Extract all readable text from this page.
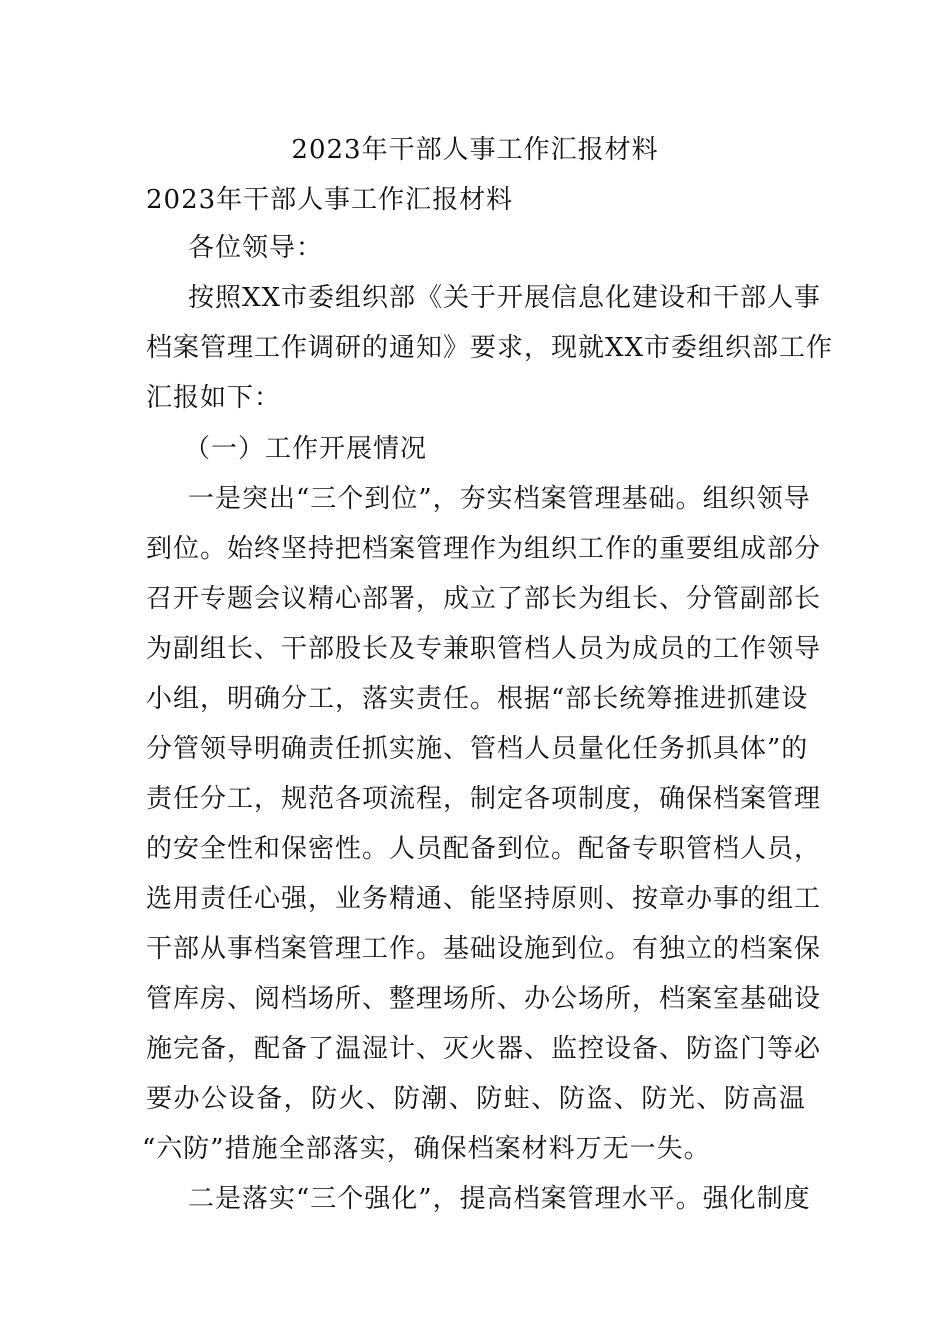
2023年干部人事工作汇报材料
2023年干部人事工作汇报材料
各位领导：
按照XX市委组织部《关于开展信息化建设和干部人事
档案管理工作调研的通知》要求，现就XX市委组织部工作
汇报如下：
（一）工作开展情况
一是突出“三个到位”，夯实档案管理基础。组织领导
到位。始终坚持把档案管理作为组织工作的重要组成部分
召开专题会议精心部署，成立了部长为组长、分管副部长
为副组长、干部股长及专兼职管档人员为成员的工作领导
小组，明确分工，落实责任。根据“部长统筹推进抓建设
分管领导明确责任抓实施、管档人员量化任务抓具体”的
责任分工，规范各项流程，制定各项制度，确保档案管理
的安全性和保密性。人员配备到位。配备专职管档人员，
选用责任心强，业务精通、能坚持原则、按章办事的组工
干部从事档案管理工作。基础设施到位。有独立的档案保
管库房、阅档场所、整理场所、办公场所，档案室基础设
施完备，配备了温湿计、灭火器、监控设备、防盗门等必
要办公设备，防火、防潮、防蛀、防盗、防光、防高温
“六防”措施全部落实，确保档案材料万无一失。
二是落实“三个强化”，提高档案管理水平。强化制度
